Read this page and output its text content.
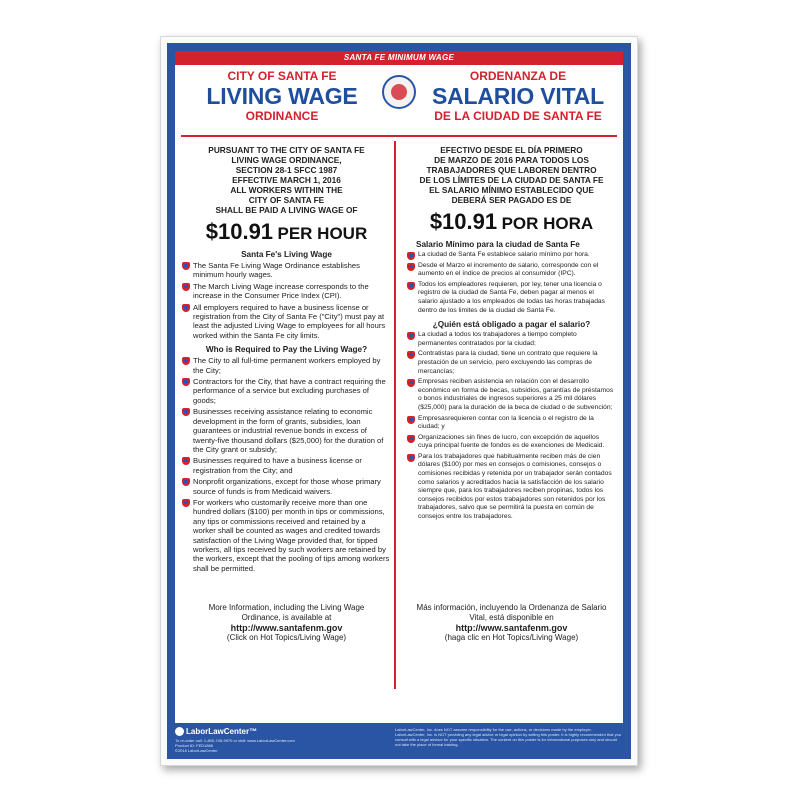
SANTA FE MINIMUM WAGE
CITY OF SANTA FE
LIVING WAGE
ORDINANCE
ORDENANZA DE
SALARIO VITAL
DE LA CIUDAD DE SANTA FE
PURSUANT TO THE CITY OF SANTA FE
LIVING WAGE ORDINANCE,
SECTION 28-1 SFCC 1987
EFFECTIVE MARCH 1, 2016
ALL WORKERS WITHIN THE
CITY OF SANTA FE
SHALL BE PAID A LIVING WAGE OF
$10.91 PER HOUR
Santa Fe's Living Wage
The Santa Fe Living Wage Ordinance establishes minimum hourly wages.
The March Living Wage increase corresponds to the increase in the Consumer Price Index (CPI).
All employers required to have a business license or registration from the City of Santa Fe ("City") must pay at least the adjusted Living Wage to employees for all hours worked within the Santa Fe city limits.
Who is Required to Pay the Living Wage?
The City to all full-time permanent workers employed by the City;
Contractors for the City, that have a contract requiring the performance of a service but excluding purchases of goods;
Businesses receiving assistance relating to economic development in the form of grants, subsidies, loan guarantees or industrial revenue bonds in excess of twenty-five thousand dollars ($25,000) for the duration of the City grant or subsidy;
Businesses required to have a business license or registration from the City; and
Nonprofit organizations, except for those whose primary source of funds is from Medicaid waivers.
For workers who customarily receive more than one hundred dollars ($100) per month in tips or commissions, any tips or commissions received and retained by a worker shall be counted as wages and credited towards satisfaction of the Living Wage provided that, for tipped workers, all tips received by such workers are retained by the workers, except that the pooling of tips among workers shall be permitted.
EFECTIVO DESDE EL DÍA PRIMERO
DE MARZO DE 2016 PARA TODOS LOS
TRABAJADORES QUE LABOREN DENTRO
DE LOS LÍMITES DE LA CIUDAD DE SANTA FE
EL SALARIO MÍNIMO ESTABLECIDO QUE
DEBERÁ SER PAGADO ES DE
$10.91 POR HORA
Salario Mínimo para la ciudad de Santa Fe
La ciudad de Santa Fe establece salario mínimo por hora.
Desde el Marzo el incremento de salario, corresponde con el aumento en el índice de precios al consumidor (IPC).
Todos los empleadores requieren, por ley, tener una licencia o registro de la ciudad de Santa Fe, deben pagar al menos el salario ajustado a los empleados de todas las horas trabajadas dentro de los limites de la ciudad de Santa Fe.
¿Quién está obligado a pagar el salario?
La ciudad a todos los trabajadores a tiempo completo permanentes contratados por la ciudad;
Contratistas para la ciudad, tiene un contrato que requiere la prestación de un servicio, pero excluyendo las compras de mercancías;
Empresas reciben asistencia en relación con el desarrollo económico en forma de becas, subsidios, garantías de préstamos o bonos industriales de ingresos superiores a 25 mil dólares ($25,000) para la duración de la beca de ciudad o de subvención;
Empresasrequieren contar con la licencia o el registro de la ciudad; y
Organizaciones sin fines de lucro, con excepción de aquellos cuya principal fuente de fondos es de exenciones de Medicaid.
Para los trabajadores que habitualmente reciben más de cien dólares ($100) por mes en consejos o comisiones, consejos o comisiones recibidas y retenida por un trabajador serán contados como salarios y acreditados hacia la satisfacción de los salario siempre que, para los trabajadores reciben propinas, todos los consejos recibidos por estos trabajadores son retenidos por los trabajadores, salvo que se permitirá la puesta en común de consejos entre los trabajadores.
More Information, including the Living Wage
Ordinance, is available at
http://www.santafenm.gov
(Click on Hot Topics/Living Wage)
Más información, incluyendo la Ordenanza de Salario
Vital, está disponible en
http://www.santafenm.gov
(haga clic en Hot Topics/Living Wage)
LaborLawCenter™
To re-order call: 1-800-745-9970 or visit: www.LaborLawCenter.com
Product ID: FED1866
©2016 LaborLawCenter
LaborLawCenter, Inc. does NOT assume responsibility for the use, actions, or decisions made by the employer. LaborLawCenter, Inc. is NOT providing any legal advice or legal opinion by selling this poster. It is highly recommended that you consult with a legal advisor for your specific situation. The content on this poster is for informational purposes only and should not take the place of formal training.
